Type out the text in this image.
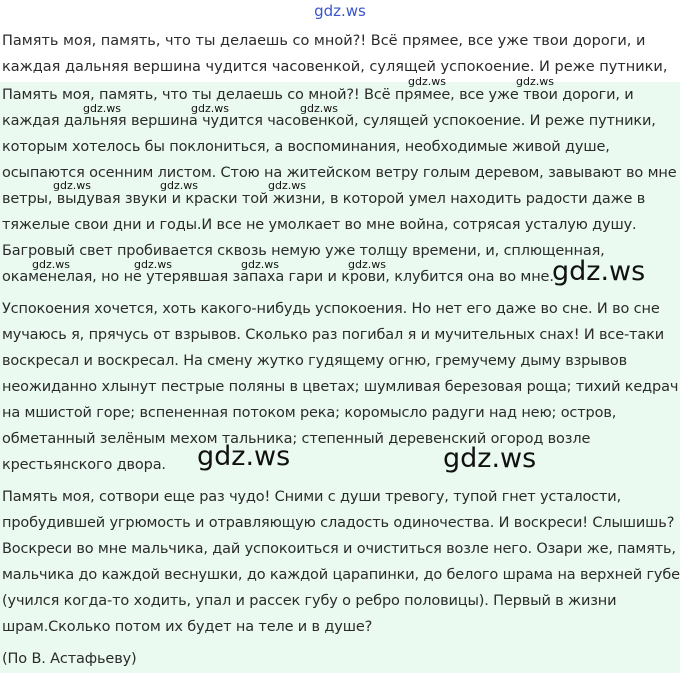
gdz.ws
Память моя, память, что ты делаешь со мной?! Всё прямее, все уже твои дороги, и
каждая дальняя вершина чудится часовенкой, сулящей успокоение. И реже путники,

Память моя, память, что ты делаешь со мной?! Всё прямее, все уже твои дороги, и каждая дальняя вершина чудится часовенкой, сулящей успокоение. И реже путники, которым хотелось бы поклониться, а воспоминания, необходимые живой душе, осыпаются осенним листом. Стою на житейском ветру голым деревом, завывают во мне ветры, выдувая звуки и краски той жизни, в которой умел находить радости даже в тяжелые свои дни и годы.И все не умолкает во мне война, сотрясая усталую душу. Багровый свет пробивается сквозь немую уже толщу времени, и, сплющенная, окаменелая, но не утерявшая запаха гари и крови, клубится она во мне.

Успокоения хочется, хоть какого-нибудь успокоения. Но нет его даже во сне. И во сне мучаюсь я, прячусь от взрывов. Сколько раз погибал я и мучительных снах! И все-таки воскресал и воскресал. На смену жутко гудящему огню, гремучему дыму взрывов неожиданно хлынут пестрые поляны в цветах; шумливая березовая роща; тихий кедрач на мшистой горе; вспененная потоком река; коромысло радуги над нею; остров, обметанный зелёным мехом тальника; степенный деревенский огород возле крестьянского двора.

Память моя, сотвори еще раз чудо! Сними с души тревогу, тупой гнет усталости, пробудившей угрюмость и отравляющую сладость одиночества. И воскреси! Слышишь? Воскреси во мне мальчика, дай успокоиться и очиститься возле него. Озари же, память, мальчика до каждой веснушки, до каждой царапинки, до белого шрама на верхней губе (учился когда-то ходить, упал и рассек губу о ребро половицы). Первый в жизни шрам.Сколько потом их будет на теле и в душе?

(По В. Астафьеву)

gdz.ws	gdz.ws
gdz.ws	gdz.ws	gdz.ws
gdz.ws	gdz.ws	gdz.ws
gdz.ws	gdz.ws	gdz.ws	gdz.ws	gdz.ws
gdz.ws	gdz.ws
